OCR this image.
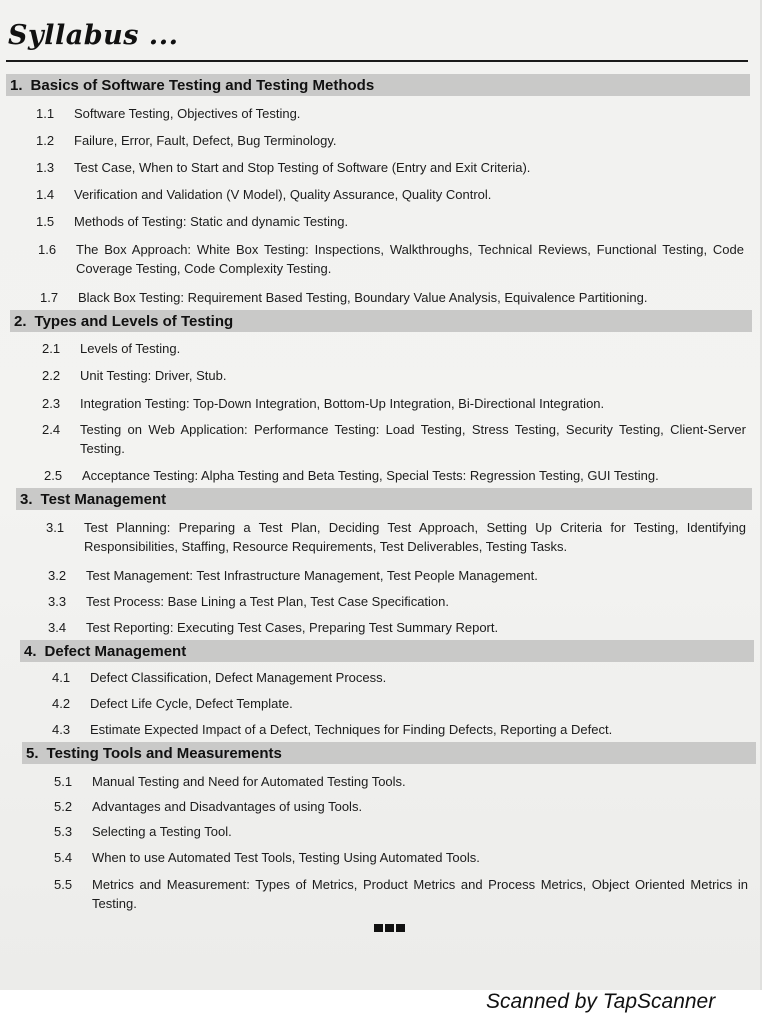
Syllabus ...
1. Basics of Software Testing and Testing Methods
1.1 Software Testing, Objectives of Testing.
1.2 Failure, Error, Fault, Defect, Bug Terminology.
1.3 Test Case, When to Start and Stop Testing of Software (Entry and Exit Criteria).
1.4 Verification and Validation (V Model), Quality Assurance, Quality Control.
1.5 Methods of Testing: Static and dynamic Testing.
1.6 The Box Approach: White Box Testing: Inspections, Walkthroughs, Technical Reviews, Functional Testing, Code Coverage Testing, Code Complexity Testing.
1.7 Black Box Testing: Requirement Based Testing, Boundary Value Analysis, Equivalence Partitioning.
2. Types and Levels of Testing
2.1 Levels of Testing.
2.2 Unit Testing: Driver, Stub.
2.3 Integration Testing: Top-Down Integration, Bottom-Up Integration, Bi-Directional Integration.
2.4 Testing on Web Application: Performance Testing: Load Testing, Stress Testing, Security Testing, Client-Server Testing.
2.5 Acceptance Testing: Alpha Testing and Beta Testing, Special Tests: Regression Testing, GUI Testing.
3. Test Management
3.1 Test Planning: Preparing a Test Plan, Deciding Test Approach, Setting Up Criteria for Testing, Identifying Responsibilities, Staffing, Resource Requirements, Test Deliverables, Testing Tasks.
3.2 Test Management: Test Infrastructure Management, Test People Management.
3.3 Test Process: Base Lining a Test Plan, Test Case Specification.
3.4 Test Reporting: Executing Test Cases, Preparing Test Summary Report.
4. Defect Management
4.1 Defect Classification, Defect Management Process.
4.2 Defect Life Cycle, Defect Template.
4.3 Estimate Expected Impact of a Defect, Techniques for Finding Defects, Reporting a Defect.
5. Testing Tools and Measurements
5.1 Manual Testing and Need for Automated Testing Tools.
5.2 Advantages and Disadvantages of using Tools.
5.3 Selecting a Testing Tool.
5.4 When to use Automated Test Tools, Testing Using Automated Tools.
5.5 Metrics and Measurement: Types of Metrics, Product Metrics and Process Metrics, Object Oriented Metrics in Testing.
Scanned by TapScanner
